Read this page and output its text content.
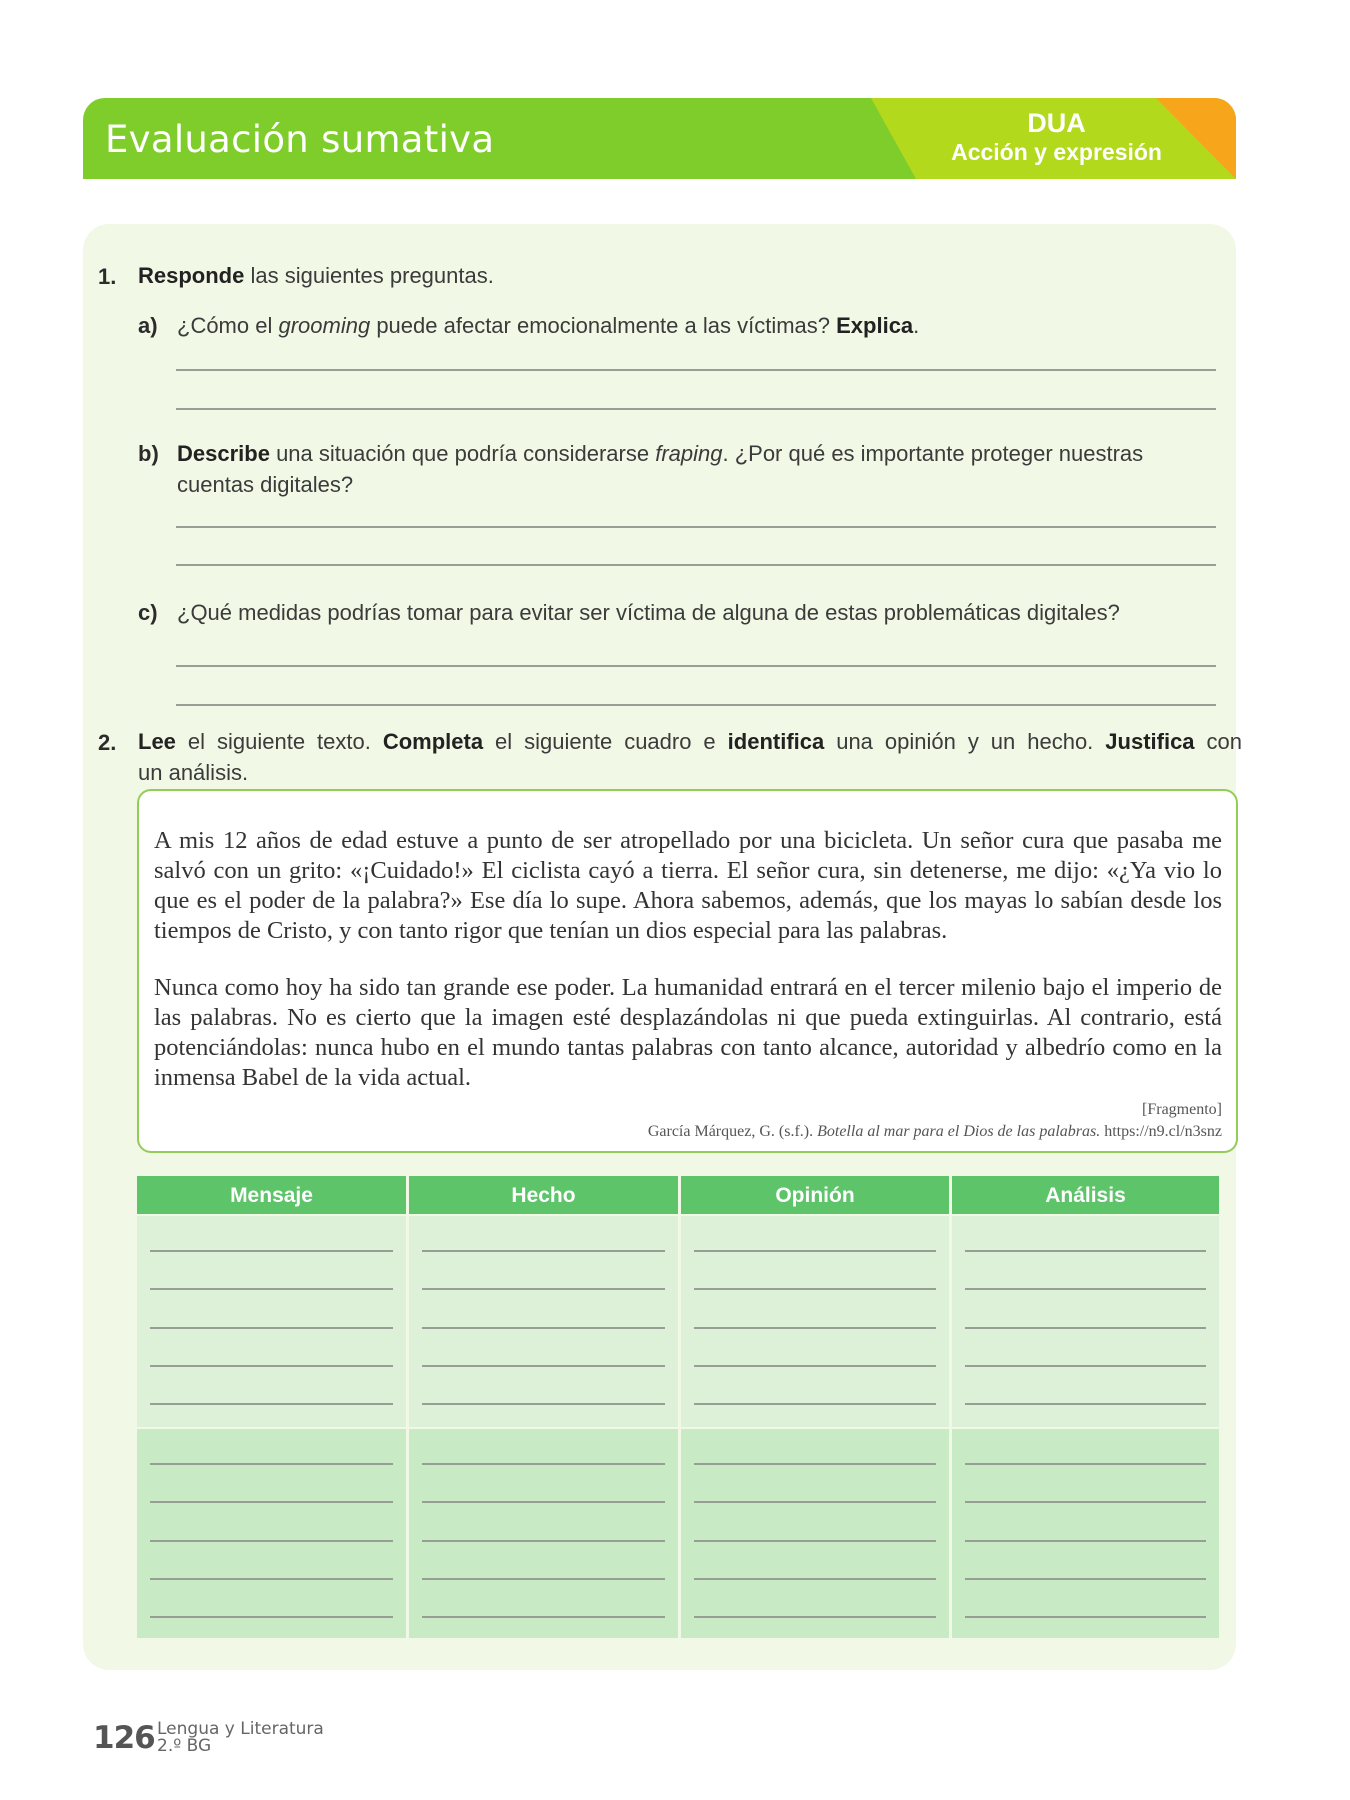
Evaluación sumativa	DUA
Acción y expresión
1. Responde las siguientes preguntas.
a) ¿Cómo el grooming puede afectar emocionalmente a las víctimas? Explica.
b) Describe una situación que podría considerarse fraping. ¿Por qué es importante proteger nuestras
cuentas digitales?
c) ¿Qué medidas podrías tomar para evitar ser víctima de alguna de estas problemáticas digitales?
2. Lee el siguiente texto. Completa el siguiente cuadro e identifica una opinión y un hecho. Justifica con
un análisis.

A mis 12 años de edad estuve a punto de ser atropellado por una bicicleta. Un señor cura que pasaba me salvó con un grito: «¡Cuidado!» El ciclista cayó a tierra. El señor cura, sin detenerse, me dijo: «¿Ya vio lo que es el poder de la palabra?» Ese día lo supe. Ahora sabemos, además, que los mayas lo sabían desde los tiempos de Cristo, y con tanto rigor que tenían un dios especial para las palabras.

Nunca como hoy ha sido tan grande ese poder. La humanidad entrará en el tercer milenio bajo el imperio de las palabras. No es cierto que la imagen esté desplazándolas ni que pueda extinguirlas. Al contrario, está potenciándolas: nunca hubo en el mundo tantas palabras con tanto alcance, autoridad y albedrío como en la inmensa Babel de la vida actual.

[Fragmento]
García Márquez, G. (s.f.). Botella al mar para el Dios de las palabras. https://n9.cl/n3snz
Mensaje	Hecho	Opinión	Análisis
126 Lengua y Literatura
2.º BG
